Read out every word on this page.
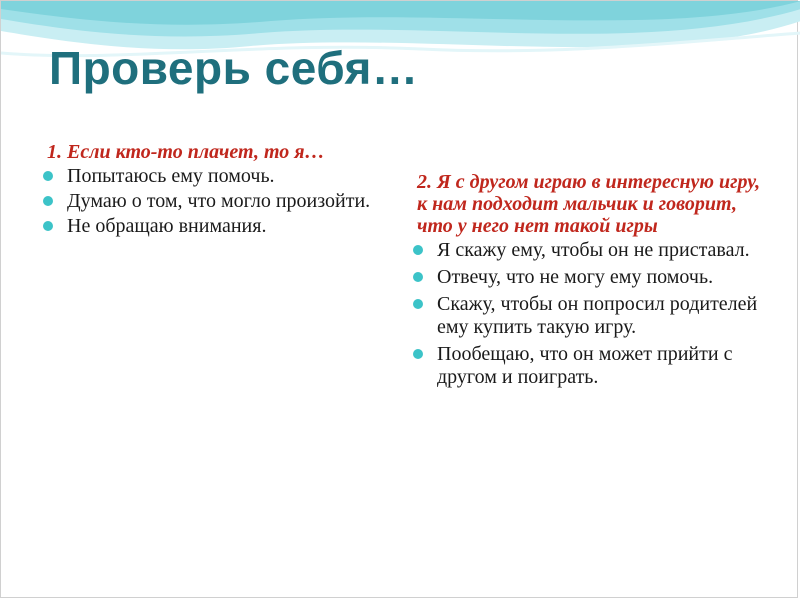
Проверь себя…

1. Если кто-то плачет, то я…

Попытаюсь ему помочь.
Думаю о том, что могло произойти.
Не обращаю внимания.

2. Я с другом играю в интересную игру, к нам подходит мальчик и говорит, что у него нет такой игры

Я скажу ему, чтобы он не приставал.
Отвечу, что не могу ему помочь.
Скажу, чтобы он попросил родителей ему купить такую игру.
Пообещаю, что он может прийти с другом и поиграть.
